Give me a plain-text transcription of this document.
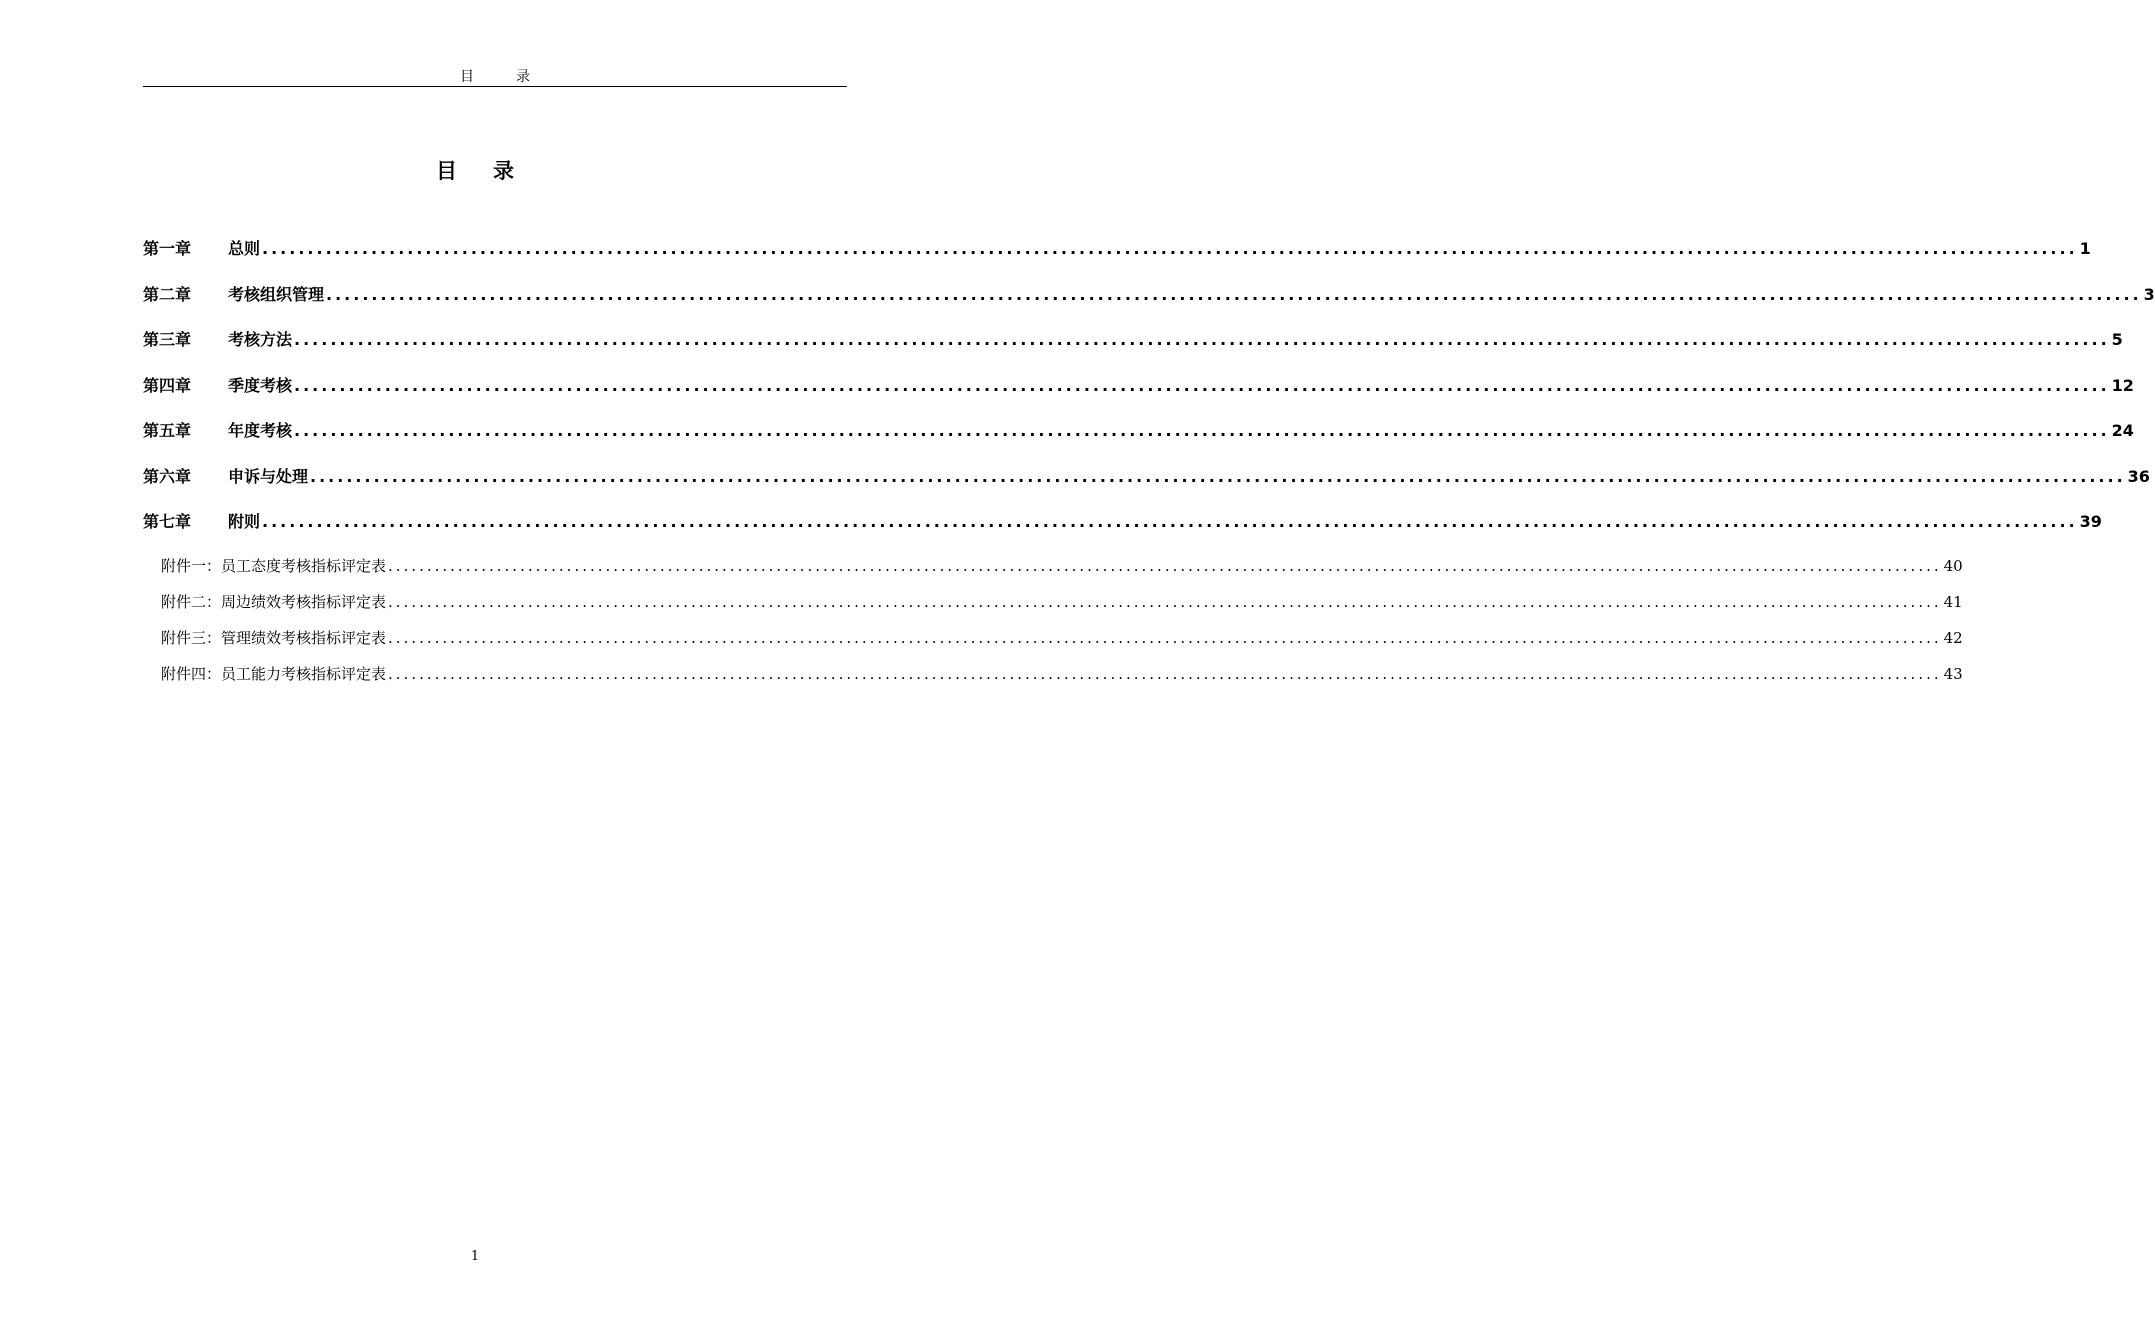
目	录
目 录
第一章	总则 ........................................................................................................................................................................................................ 1
第二章	考核组织管理 ........................................................................................................................................................................................................ 3
第三章	考核方法 ........................................................................................................................................................................................................ 5
第四章	季度考核 ........................................................................................................................................................................................................ 12
第五章	年度考核 ........................................................................................................................................................................................................ 24
第六章	申诉与处理 ........................................................................................................................................................................................................ 36
第七章	附则 ........................................................................................................................................................................................................ 39
附件一：员工态度考核指标评定表 ........................................................................................................................................................................................................ 40
附件二：周边绩效考核指标评定表 ........................................................................................................................................................................................................ 41
附件三：管理绩效考核指标评定表 ........................................................................................................................................................................................................ 42
附件四：员工能力考核指标评定表 ........................................................................................................................................................................................................ 43
1
